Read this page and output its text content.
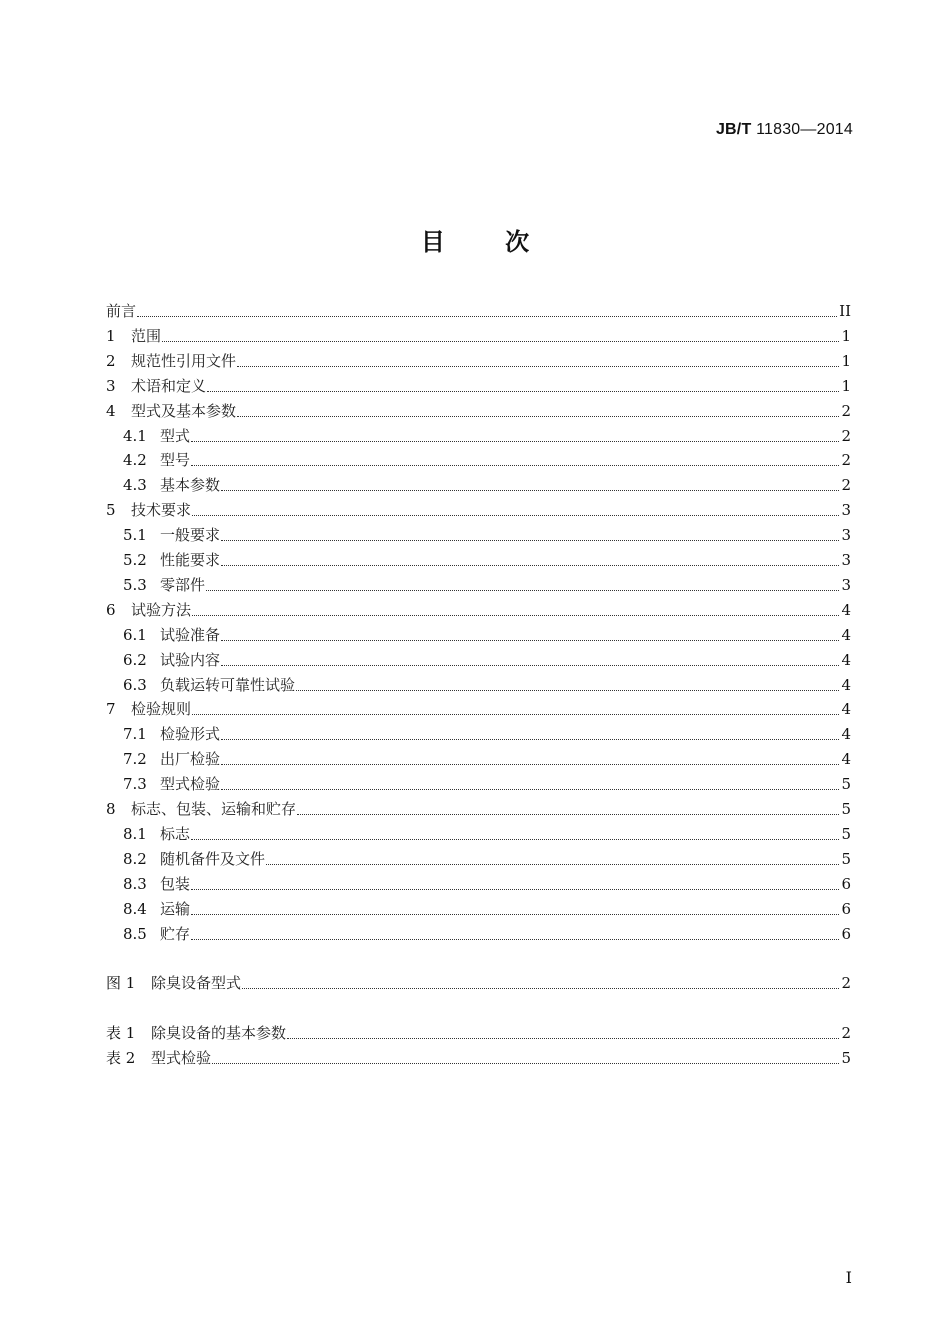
JB/T 11830—2014
目	次
前言	II
1	范围	1
2	规范性引用文件	1
3	术语和定义	1
4	型式及基本参数	2
4.1 型式	2
4.2 型号	2
4.3 基本参数	2
5	技术要求	3
5.1 一般要求	3
5.2 性能要求	3
5.3 零部件	3
6	试验方法	4
6.1 试验准备	4
6.2 试验内容	4
6.3 负载运转可靠性试验	4
7	检验规则	4
7.1 检验形式	4
7.2 出厂检验	4
7.3 型式检验	5
8	标志、包装、运输和贮存	5
8.1 标志	5
8.2 随机备件及文件	5
8.3 包装	6
8.4 运输	6
8.5 贮存	6
图 1	除臭设备型式	2
表 1	除臭设备的基本参数	2
表 2	型式检验	5
I
